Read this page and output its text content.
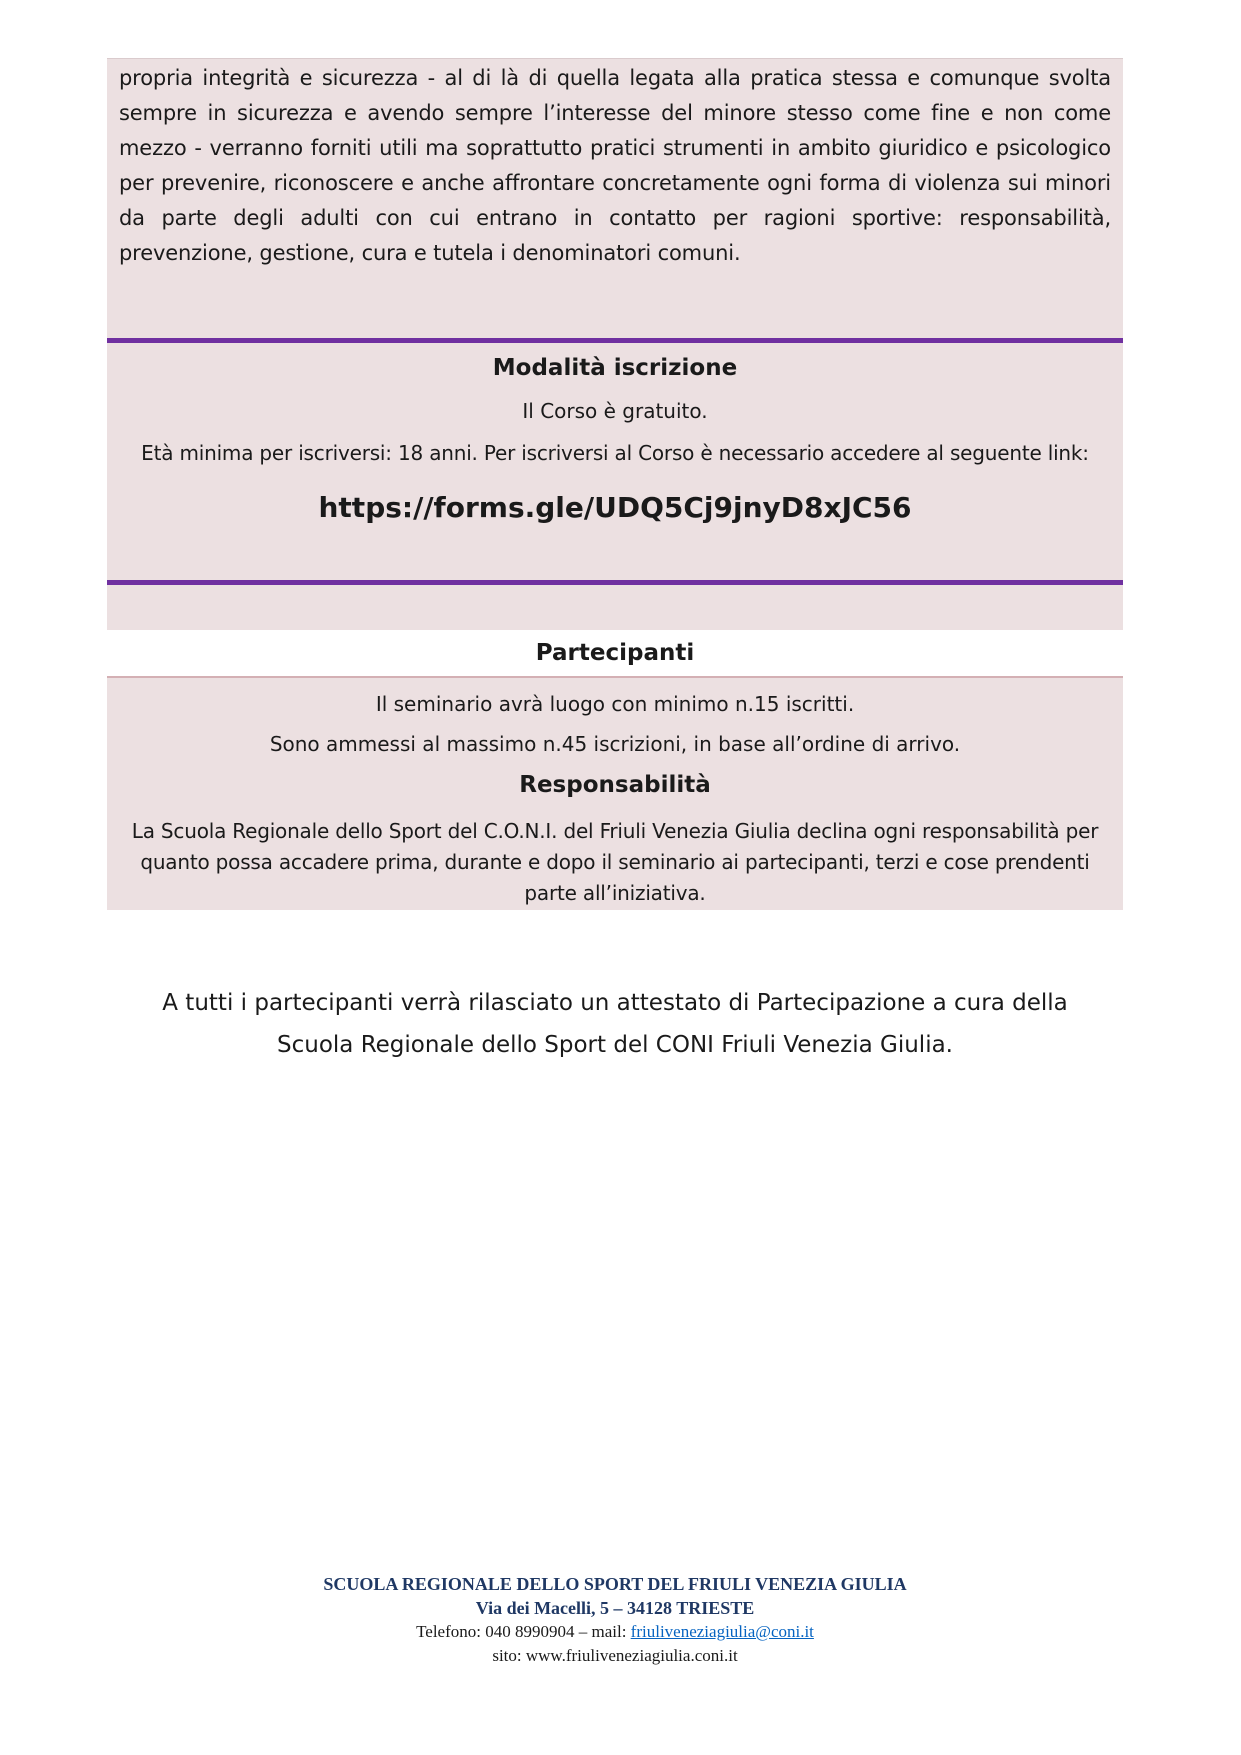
propria integrità e sicurezza - al di là di quella legata alla pratica stessa e comunque svolta sempre in sicurezza e avendo sempre l’interesse del minore stesso come fine e non come mezzo - verranno forniti utili ma soprattutto pratici strumenti in ambito giuridico e psicologico per prevenire, riconoscere e anche affrontare concretamente ogni forma di violenza sui minori da parte degli adulti con cui entrano in contatto per ragioni sportive: responsabilità, prevenzione, gestione, cura e tutela i denominatori comuni.

Modalità iscrizione
Il Corso è gratuito.
Età minima per iscriversi: 18 anni. Per iscriversi al Corso è necessario accedere al seguente link:
https://forms.gle/UDQ5Cj9jnyD8xJC56
Partecipanti
Il seminario avrà luogo con minimo n.15 iscritti.
Sono ammessi al massimo n.45 iscrizioni, in base all’ordine di arrivo.
Responsabilità
La Scuola Regionale dello Sport del C.O.N.I. del Friuli Venezia Giulia declina ogni responsabilità per quanto possa accadere prima, durante e dopo il seminario ai partecipanti, terzi e cose prendenti parte all’iniziativa.
A tutti i partecipanti verrà rilasciato un attestato di Partecipazione a cura della
Scuola Regionale dello Sport del CONI Friuli Venezia Giulia.
SCUOLA REGIONALE DELLO SPORT DEL FRIULI VENEZIA GIULIA
Via dei Macelli, 5 – 34128 TRIESTE
Telefono: 040 8990904 – mail: friuliveneziagiulia@coni.it
sito: www.friuliveneziagiulia.coni.it
